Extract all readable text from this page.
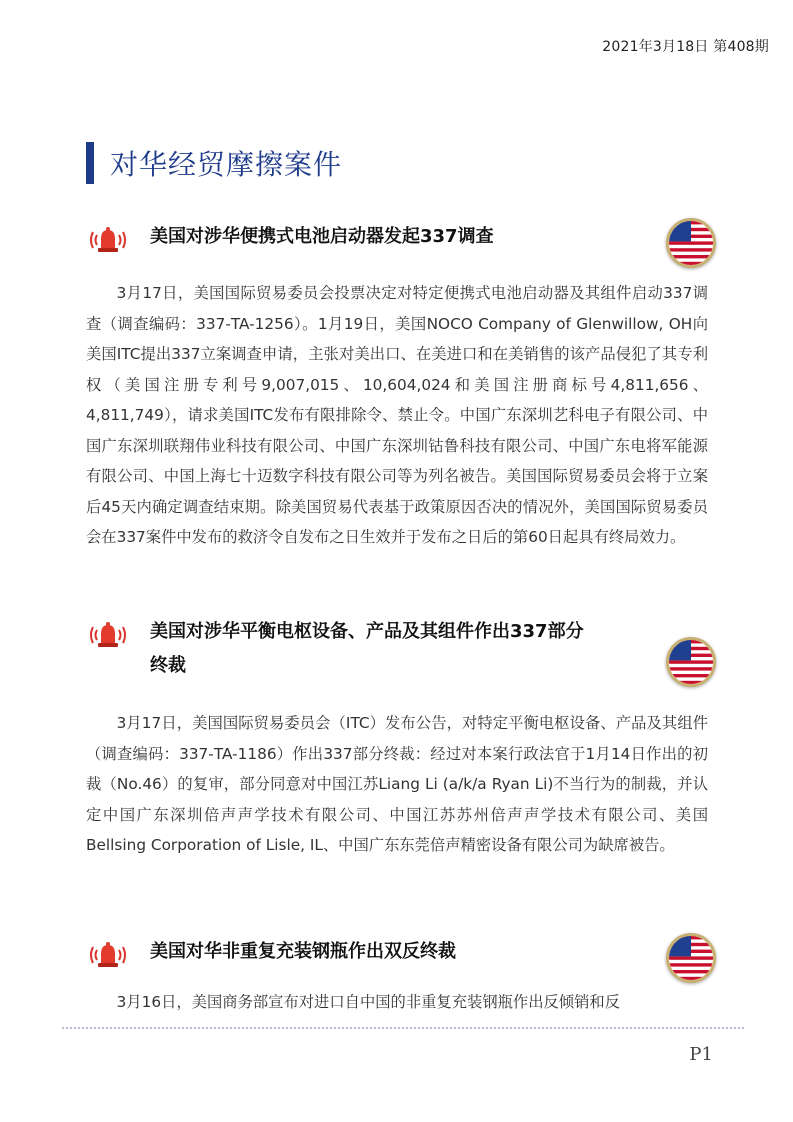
2021年3月18日 第408期
对华经贸摩擦案件
美国对涉华便携式电池启动器发起337调查

3月17日，美国国际贸易委员会投票决定对特定便携式电池启动器及其组件启动337调查（调查编码：337-TA-1256）。1月19日，美国NOCO Company of Glenwillow, OH向美国ITC提出337立案调查申请，主张对美出口、在美进口和在美销售的该产品侵犯了其专利权（美国注册专利号9,007,015、10,604,024和美国注册商标号4,811,656、4,811,749），请求美国ITC发布有限排除令、禁止令。中国广东深圳艺科电子有限公司、中国广东深圳联翔伟业科技有限公司、中国广东深圳钴鲁科技有限公司、中国广东电将军能源有限公司、中国上海七十迈数字科技有限公司等为列名被告。美国国际贸易委员会将于立案后45天内确定调查结束期。除美国贸易代表基于政策原因否决的情况外，美国国际贸易委员会在337案件中发布的救济令自发布之日生效并于发布之日后的第60日起具有终局效力。

美国对涉华平衡电枢设备、产品及其组件作出337部分终裁

3月17日，美国国际贸易委员会（ITC）发布公告，对特定平衡电枢设备、产品及其组件（调查编码：337-TA-1186）作出337部分终裁：经过对本案行政法官于1月14日作出的初裁（No.46）的复审，部分同意对中国江苏Liang Li (a/k/a Ryan Li)不当行为的制裁，并认定中国广东深圳倍声声学技术有限公司、中国江苏苏州倍声声学技术有限公司、美国Bellsing Corporation of Lisle, IL、中国广东东莞倍声精密设备有限公司为缺席被告。

美国对华非重复充装钢瓶作出双反终裁

3月16日，美国商务部宣布对进口自中国的非重复充装钢瓶作出反倾销和反

P1
